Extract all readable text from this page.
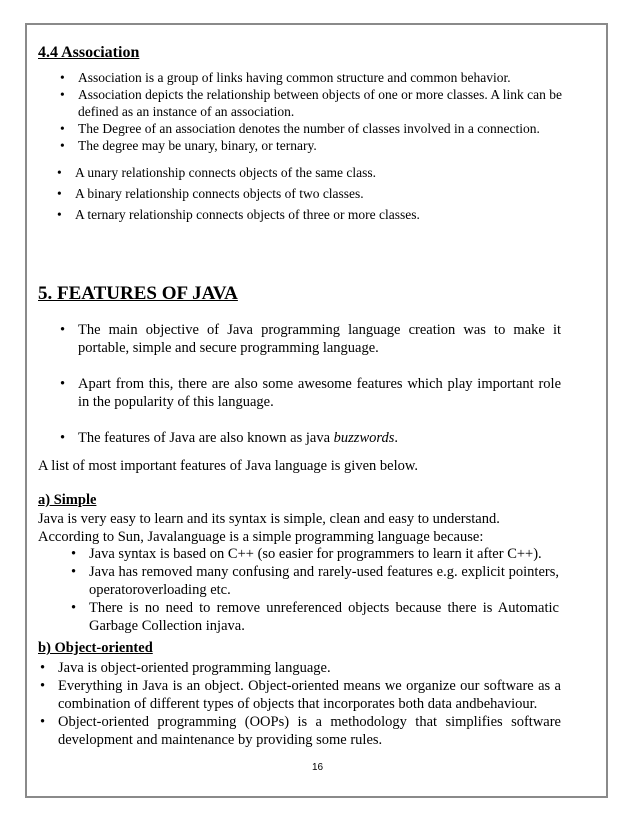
4.4 Association
• Association is a group of links having common structure and common behavior.
• Association depicts the relationship between objects of one or more classes. A link can be defined as an instance of an association.
• The Degree of an association denotes the number of classes involved in a connection.
• The degree may be unary, binary, or ternary.
• A unary relationship connects objects of the same class.
• A binary relationship connects objects of two classes.
• A ternary relationship connects objects of three or more classes.
5. FEATURES OF JAVA
• The main objective of Java programming language creation was to make it portable, simple and secure programming language.
• Apart from this, there are also some awesome features which play important role in the popularity of this language.
• The features of Java are also known as java buzzwords.
A list of most important features of Java language is given below.
a) Simple
Java is very easy to learn and its syntax is simple, clean and easy to understand.
According to Sun, Javalanguage is a simple programming language because:
• Java syntax is based on C++ (so easier for programmers to learn it after C++).
• Java has removed many confusing and rarely-used features e.g. explicit pointers, operatoroverloading etc.
• There is no need to remove unreferenced objects because there is Automatic Garbage Collection injava.
b) Object-oriented
• Java is object-oriented programming language.
• Everything in Java is an object. Object-oriented means we organize our software as a combination of different types of objects that incorporates both data andbehaviour.
• Object-oriented programming (OOPs) is a methodology that simplifies software development and maintenance by providing some rules.
16
